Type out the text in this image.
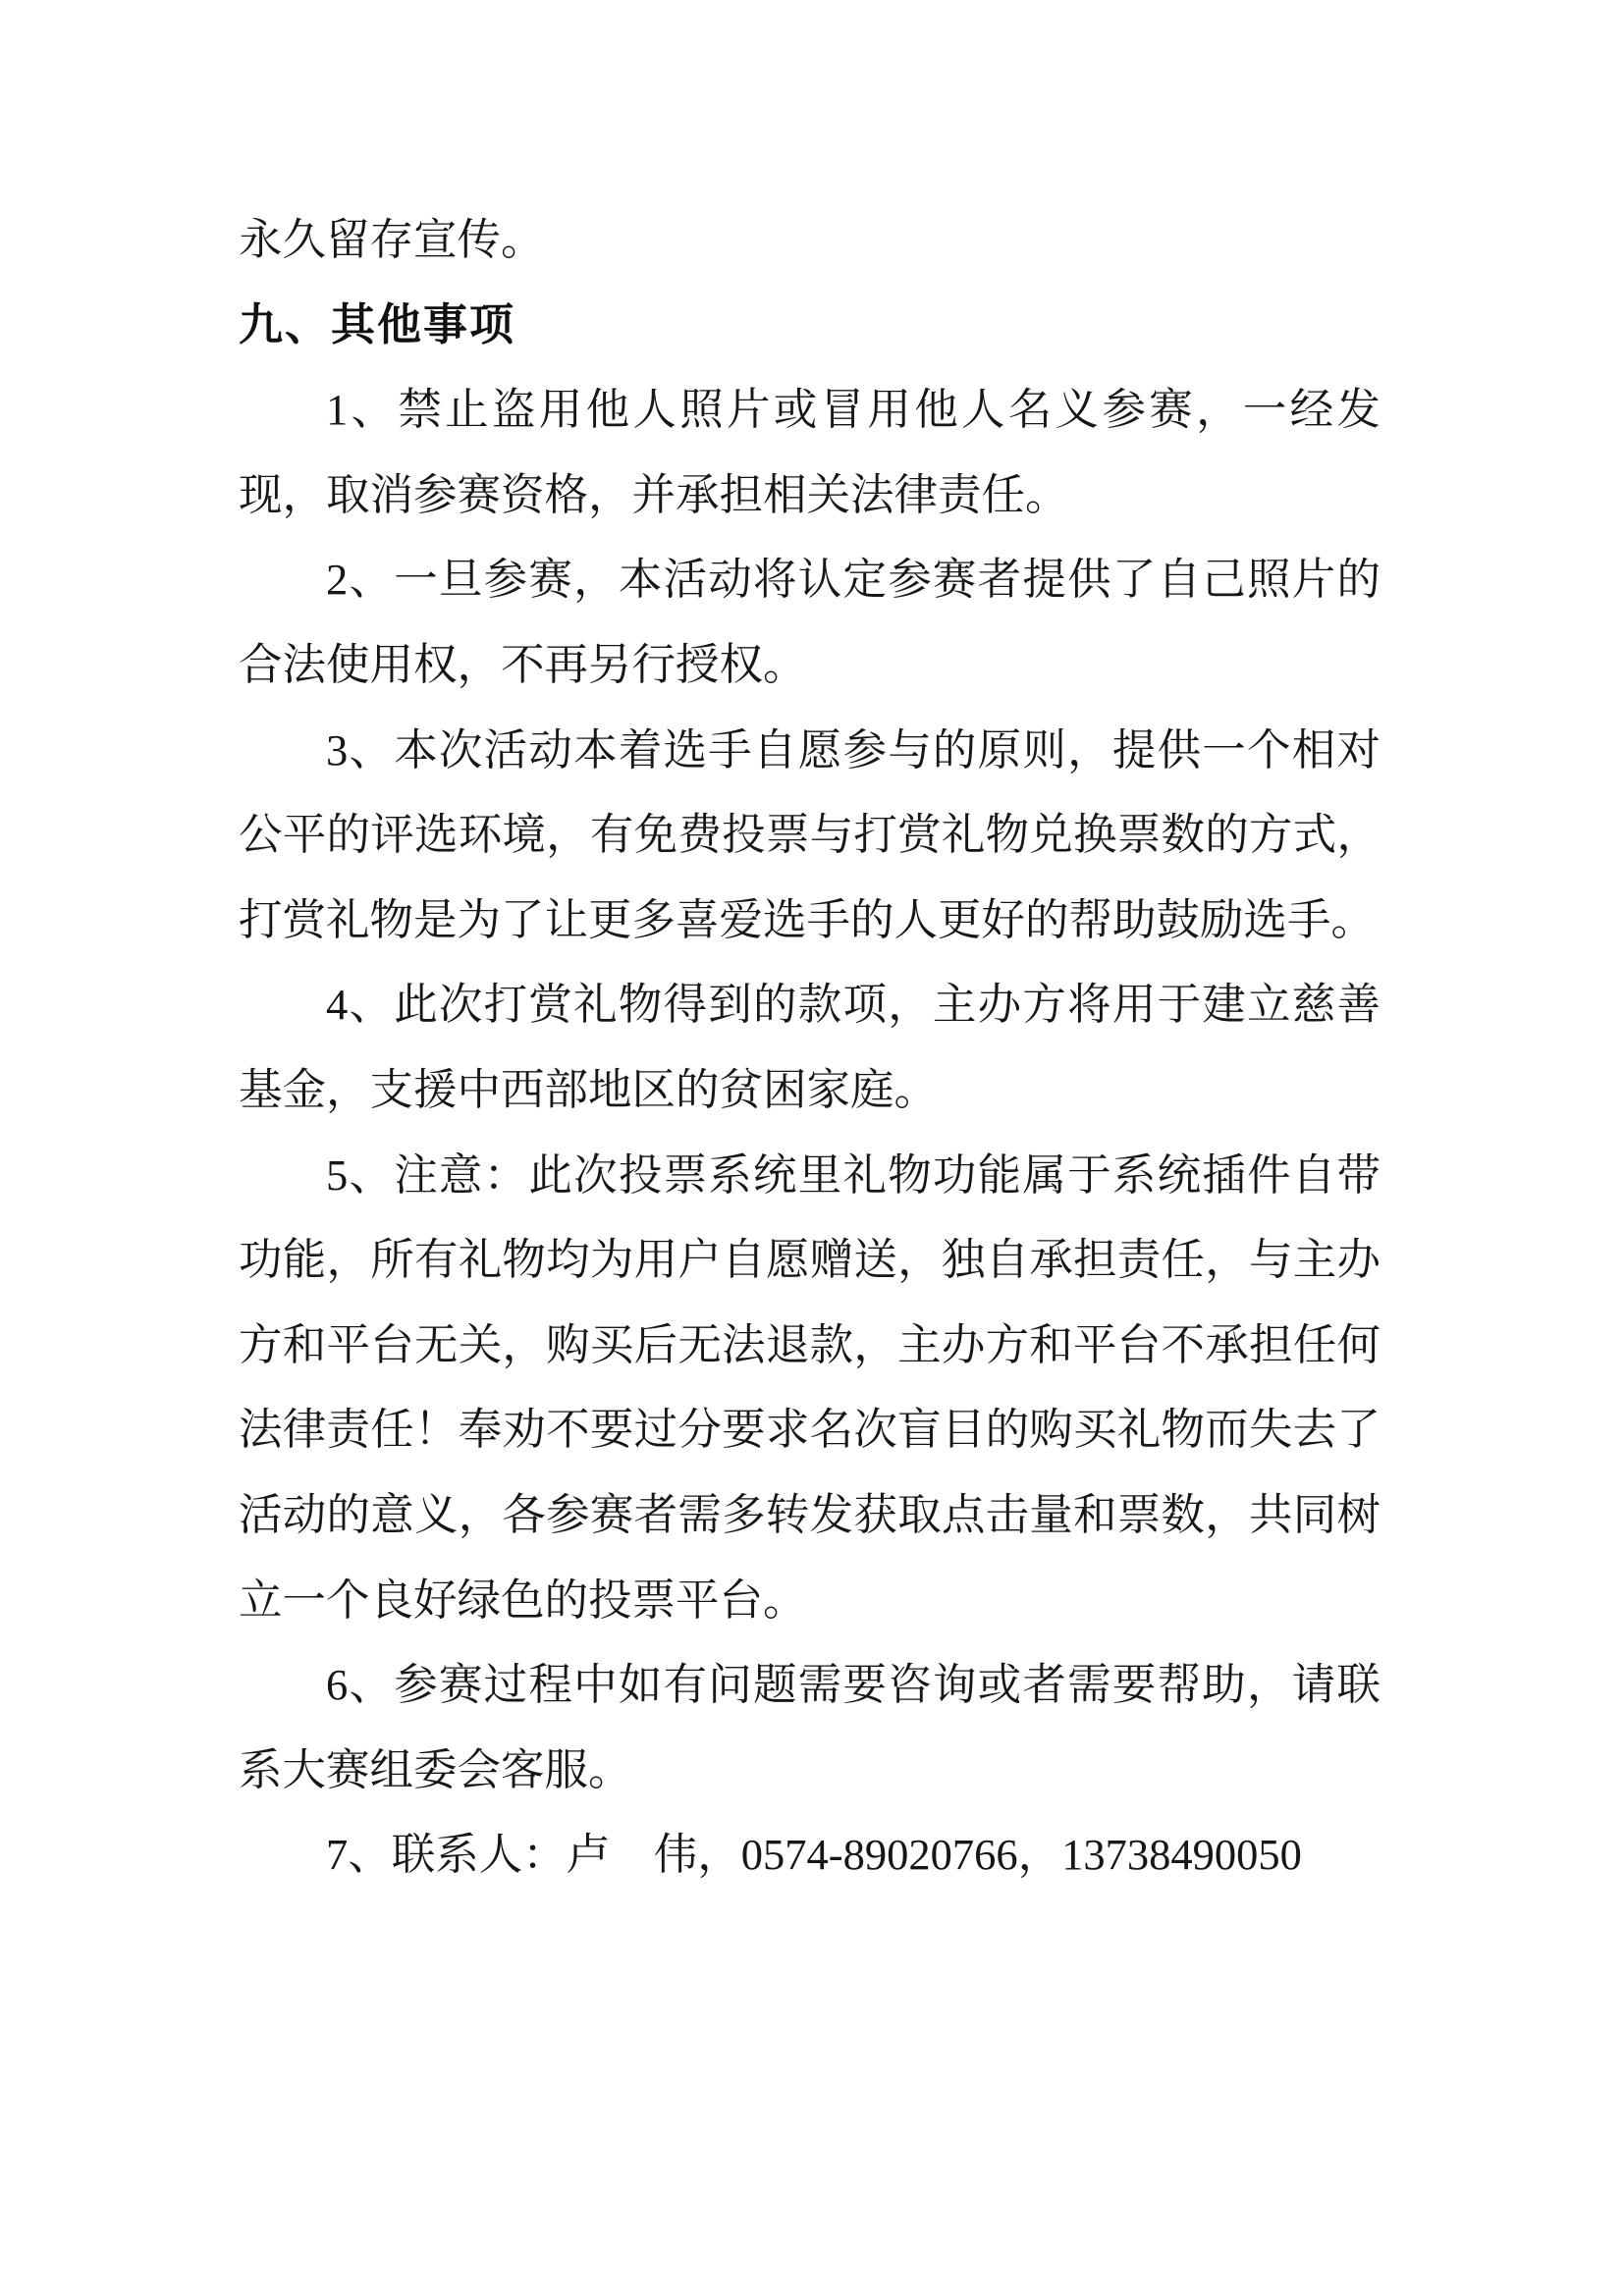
永久留存宣传。

九、其他事项

1、禁止盗用他人照片或冒用他人名义参赛，一经发现，取消参赛资格，并承担相关法律责任。

2、一旦参赛，本活动将认定参赛者提供了自己照片的合法使用权，不再另行授权。

3、本次活动本着选手自愿参与的原则，提供一个相对公平的评选环境，有免费投票与打赏礼物兑换票数的方式，打赏礼物是为了让更多喜爱选手的人更好的帮助鼓励选手。

4、此次打赏礼物得到的款项，主办方将用于建立慈善基金，支援中西部地区的贫困家庭。

5、注意：此次投票系统里礼物功能属于系统插件自带功能，所有礼物均为用户自愿赠送，独自承担责任，与主办方和平台无关，购买后无法退款，主办方和平台不承担任何法律责任！奉劝不要过分要求名次盲目的购买礼物而失去了活动的意义，各参赛者需多转发获取点击量和票数，共同树立一个良好绿色的投票平台。

6、参赛过程中如有问题需要咨询或者需要帮助，请联系大赛组委会客服。

7、联系人：卢　伟，0574-89020766，13738490050
